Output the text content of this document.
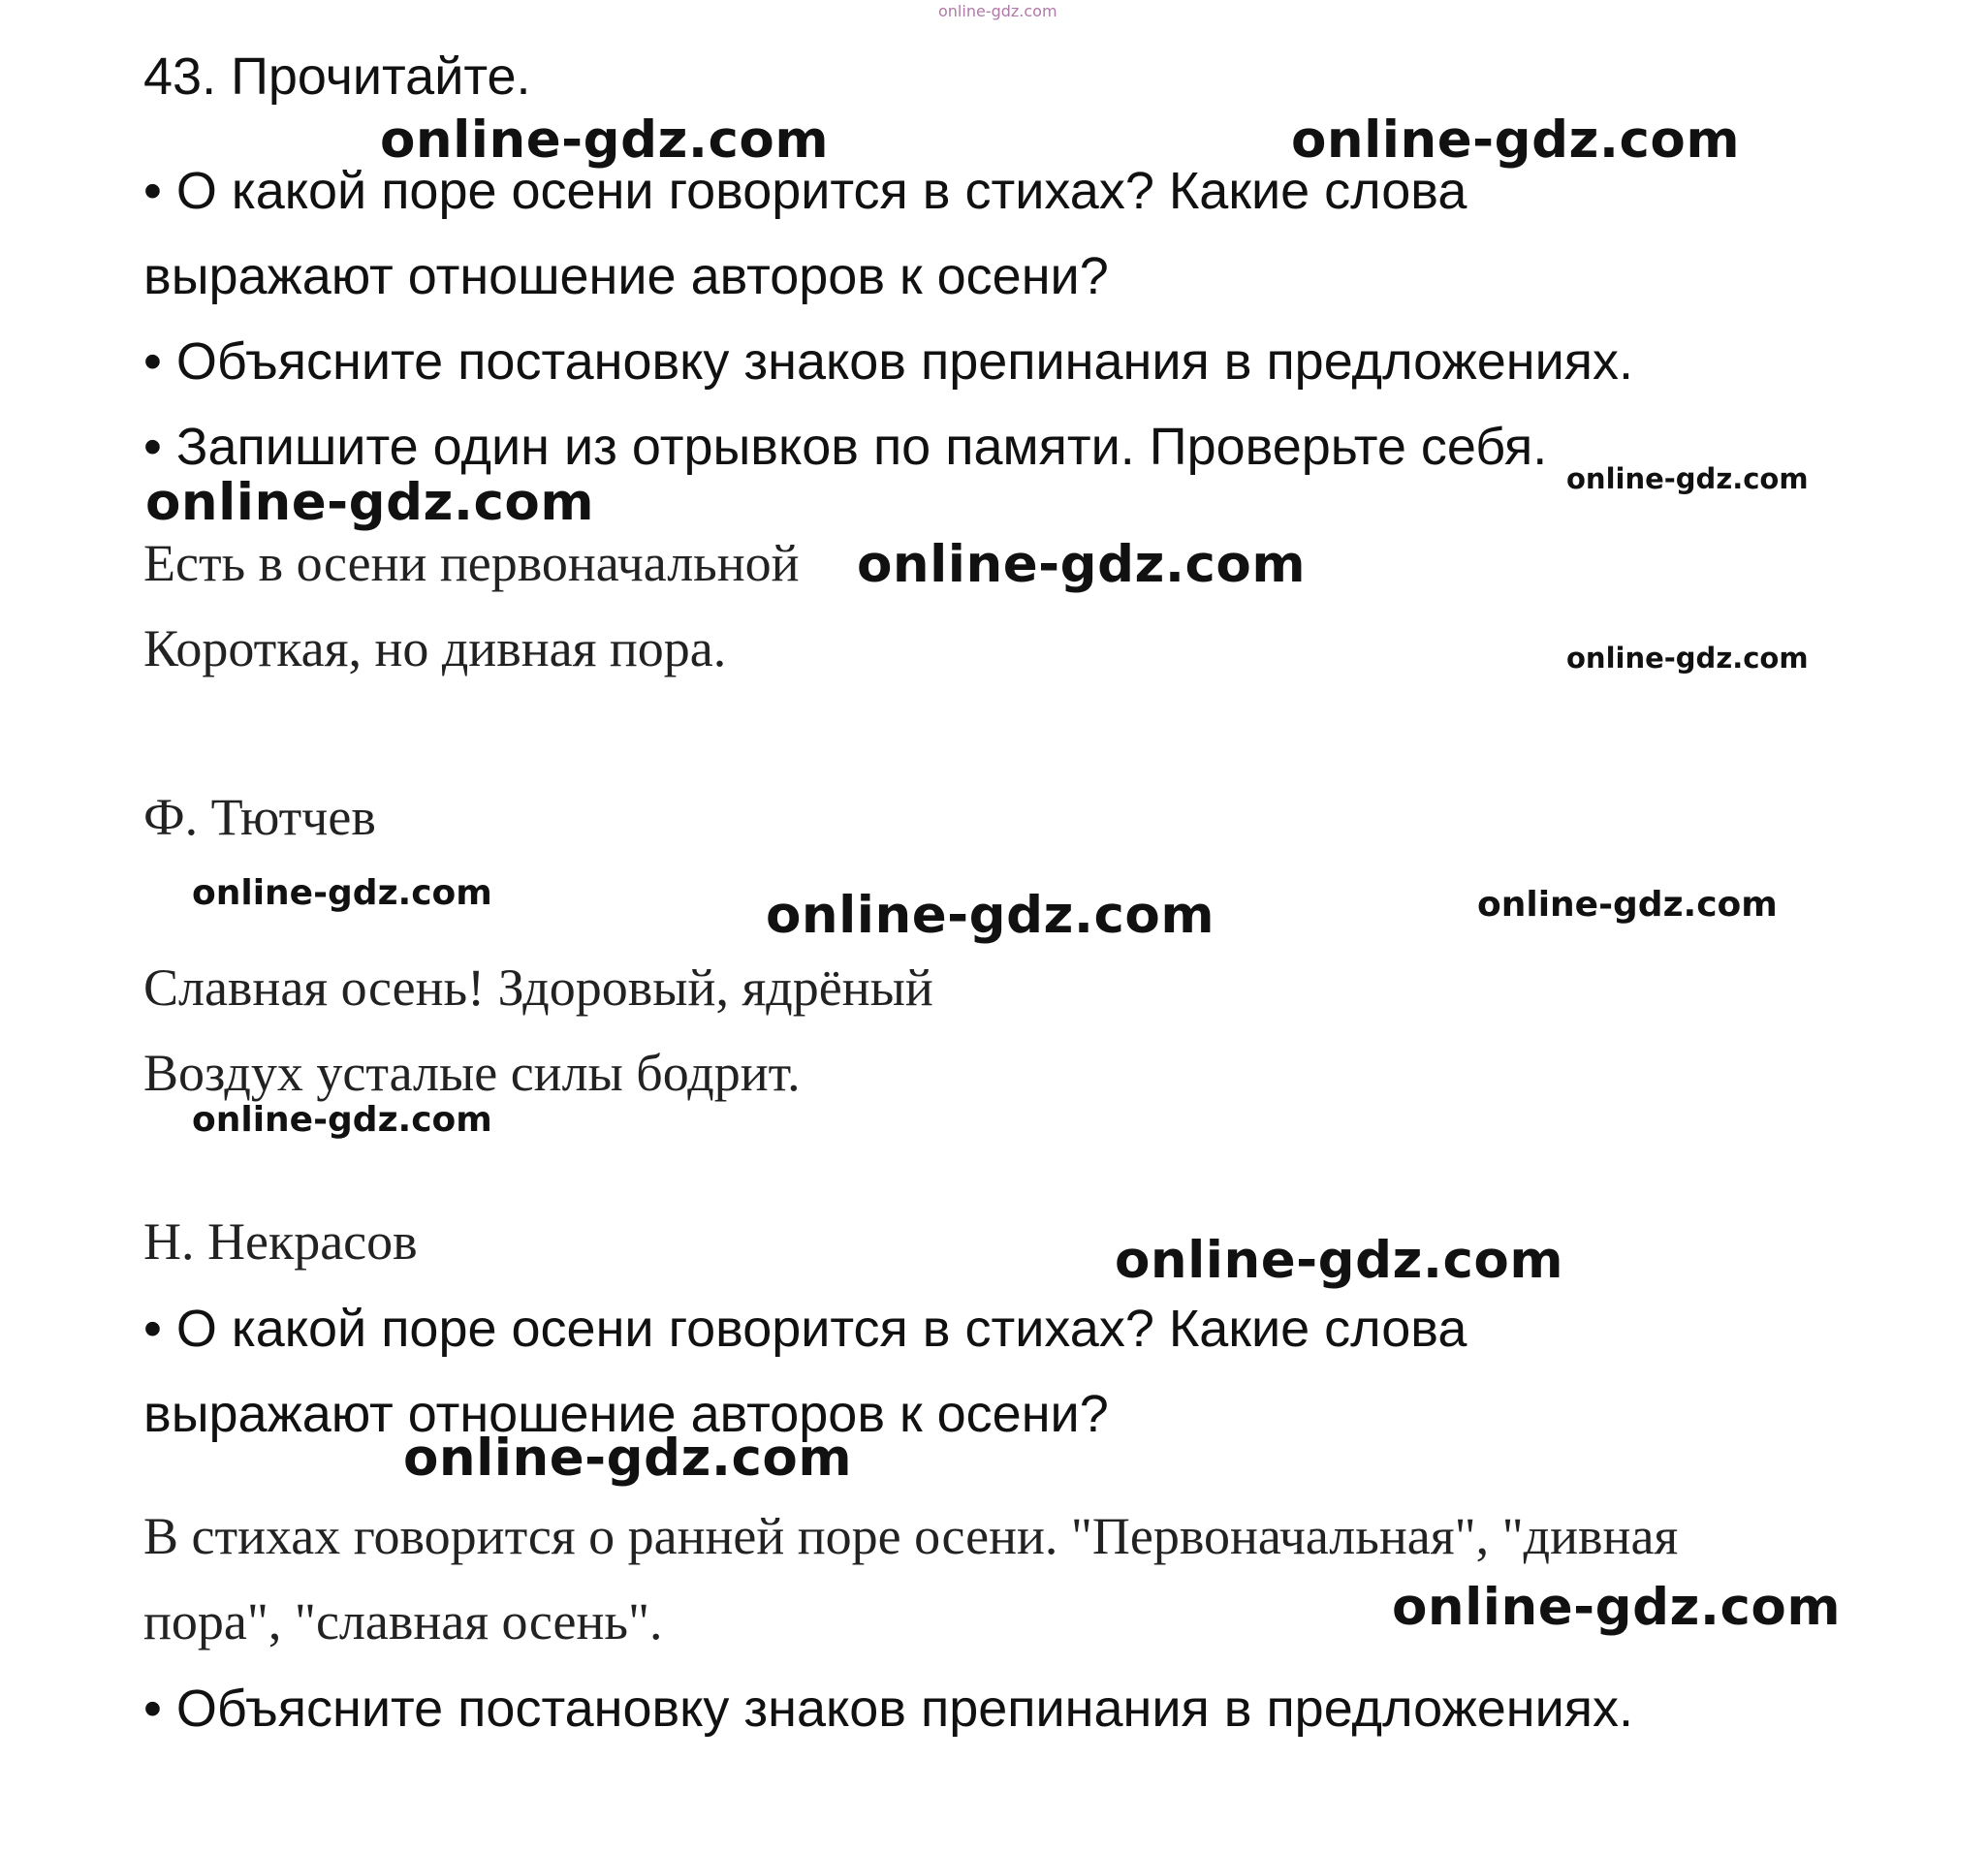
online-gdz.com
43. Прочитайте.
• О какой поре осени говорится в стихах? Какие слова
выражают отношение авторов к осени?
• Объясните постановку знаков препинания в предложениях.
• Запишите один из отрывков по памяти. Проверьте себя.
Есть в осени первоначальной
Короткая, но дивная пора.
Ф. Тютчев
Славная осень! Здоровый, ядрёный
Воздух усталые силы бодрит.
Н. Некрасов
• О какой поре осени говорится в стихах? Какие слова
выражают отношение авторов к осени?
В стихах говорится о ранней поре осени. "Первоначальная", "дивная
пора", "славная осень".
• Объясните постановку знаков препинания в предложениях.
online-gdz.com	online-gdz.com
online-gdz.com
online-gdz.com
online-gdz.com
online-gdz.com
online-gdz.com	online-gdz.com	online-gdz.com
online-gdz.com
online-gdz.com
online-gdz.com
online-gdz.com
